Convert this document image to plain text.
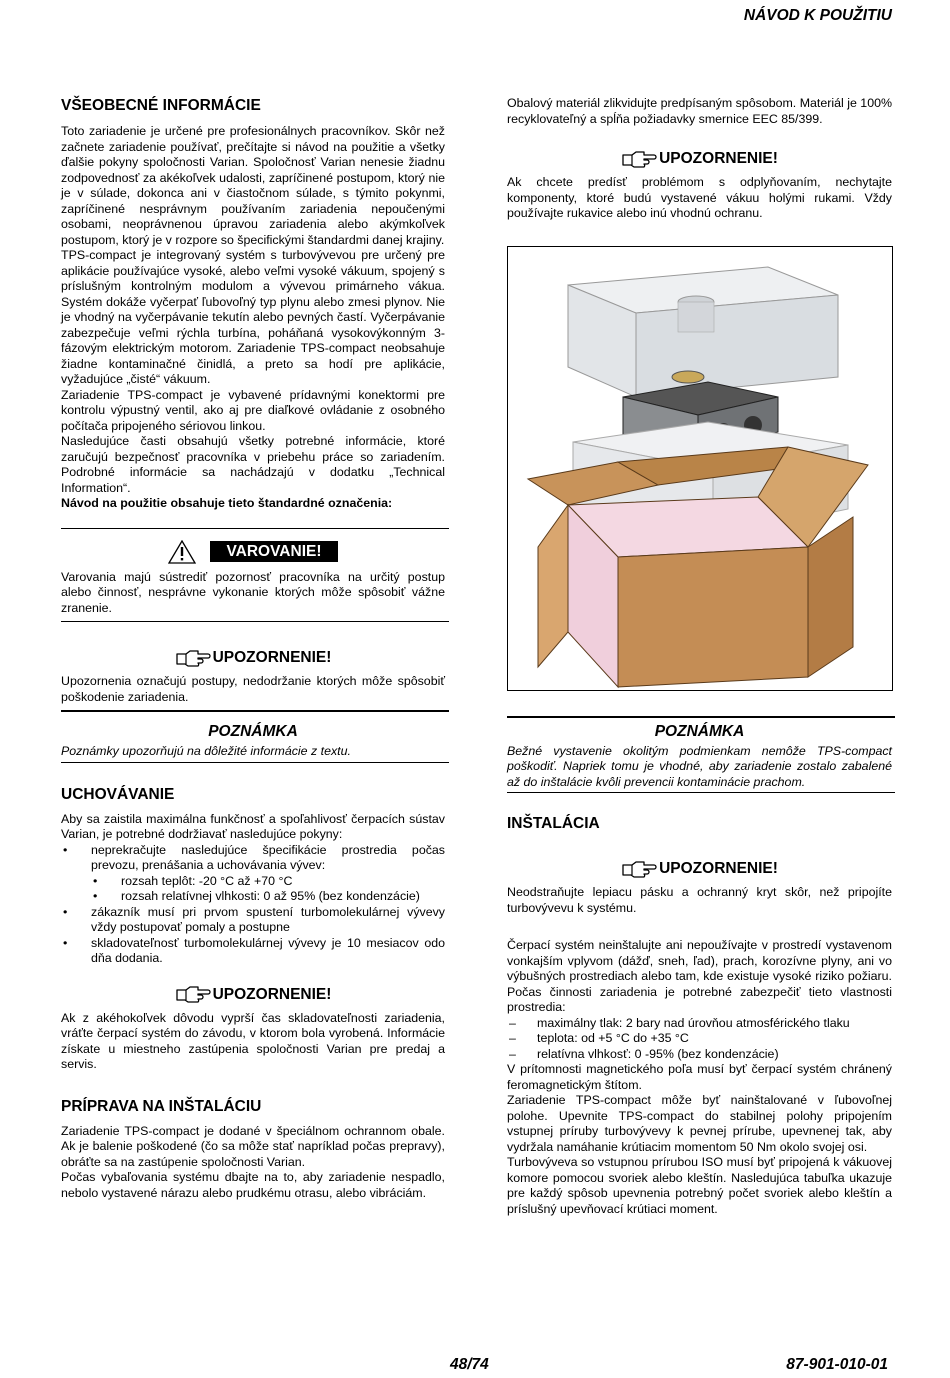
NÁVOD K POUŽITIU
VŠEOBECNÉ INFORMÁCIE

Toto zariadenie je určené pre profesionálnych pracovníkov. Skôr než začnete zariadenie používať, prečítajte si návod na použitie a všetky ďalšie pokyny spoločnosti Varian. Spoločnosť Varian nenesie žiadnu zodpovednosť za akékoľvek udalosti, zapríčinené postupom, ktorý nie je v súlade, dokonca ani v čiastočnom súlade, s týmito pokynmi, zapríčinené nesprávnym používaním zariadenia nepoučenými osobami, neoprávnenou úpravou zariadenia alebo akýmkoľvek postupom, ktorý je v rozpore so špecifickými štandardmi danej krajiny.

TPS-compact je integrovaný systém s turbovývevou pre určený pre aplikácie používajúce vysoké, alebo veľmi vysoké vákuum, spojený s príslušným kontrolným modulom a vývevou primárneho vákua. Systém dokáže vyčerpať ľubovoľný typ plynu alebo zmesi plynov. Nie je vhodný na vyčerpávanie tekutín alebo pevných častí. Vyčerpávanie zabezpečuje veľmi rýchla turbína, poháňaná vysokovýkonným 3-fázovým elektrickým motorom. Zariadenie TPS-compact neobsahuje žiadne kontaminačné činidlá, a preto sa hodí pre aplikácie, vyžadujúce „čisté“ vákuum.

Zariadenie TPS-compact je vybavené prídavnými konektormi pre kontrolu výpustný ventil, ako aj pre diaľkové ovládanie z osobného počítača pripojeného sériovou linkou.

Nasledujúce časti obsahujú všetky potrebné informácie, ktoré zaručujú bezpečnosť pracovníka v priebehu práce so zariadením. Podrobné informácie sa nachádzajú v dodatku „Technical Information“.

Návod na použitie obsahuje tieto štandardné označenia:

VAROVANIE!

Varovania majú sústrediť pozornosť pracovníka na určitý postup alebo činnosť, nesprávne vykonanie ktorých môže spôsobiť vážne zranenie.

UPOZORNENIE!

Upozornenia označujú postupy, nedodržanie ktorých môže spôsobiť poškodenie zariadenia.

POZNÁMKA

Poznámky upozorňujú na dôležité informácie z textu.

UCHOVÁVANIE

Aby sa zaistila maximálna funkčnosť a spoľahlivosť čerpacích sústav Varian, je potrebné dodržiavať nasledujúce pokyny:

• neprekračujte nasledujúce špecifikácie prostredia počas prevozu, prenášania a uchovávania vývev:
• rozsah teplôt: -20 °C až +70 °C
• rozsah relatívnej vlhkosti: 0 až 95% (bez kondenzácie)
• zákazník musí pri prvom spustení turbomolekulárnej vývevy vždy postupovať pomaly a postupne
• skladovateľnosť turbomolekulárnej vývevy je 10 mesiacov odo dňa dodania.
UPOZORNENIE!

Ak z akéhokoľvek dôvodu vyprší čas skladovateľnosti zariadenia, vráťte čerpací systém do závodu, v ktorom bola vyrobená. Informácie získate u miestneho zastúpenia spoločnosti Varian pre predaj a servis.

PRÍPRAVA NA INŠTALÁCIU

Zariadenie TPS-compact je dodané v špeciálnom ochrannom obale. Ak je balenie poškodené (čo sa môže stať napríklad počas prepravy), obráťte sa na zastúpenie spoločnosti Varian.

Počas vybaľovania systému dbajte na to, aby zariadenie nespadlo, nebolo vystavené nárazu alebo prudkému otrasu, alebo vibráciám.

Obalový materiál zlikvidujte predpísaným spôsobom. Materiál je 100% recyklovateľný a spĺňa požiadavky smernice EEC 85/399.

UPOZORNENIE!

Ak chcete predísť problémom s odplyňovaním, nechytajte komponenty, ktoré budú vystavené vákuu holými rukami. Vždy používajte rukavice alebo inú vhodnú ochranu.

POZNÁMKA

Bežné vystavenie okolitým podmienkam nemôže TPS-compact poškodiť. Napriek tomu je vhodné, aby zariadenie zostalo zabalené až do inštalácie kvôli prevencii kontaminácie prachom.

INŠTALÁCIA
UPOZORNENIE!

Neodstraňujte lepiacu pásku a ochranný kryt skôr, než pripojíte turbovývevu k systému.

Čerpací systém neinštalujte ani nepoužívajte v prostredí vystavenom vonkajším vplyvom (dážď, sneh, ľad), prach, korozívne plyny, ani vo výbušných prostrediach alebo tam, kde existuje vysoké riziko požiaru. Počas činnosti zariadenia je potrebné zabezpečiť tieto vlastnosti prostredia:

– maximálny tlak: 2 bary nad úrovňou atmosférického tlaku
– teplota: od +5 °C do +35 °C
– relatívna vlhkosť: 0 -95% (bez kondenzácie)

V prítomnosti magnetického poľa musí byť čerpací systém chránený feromagnetickým štítom.

Zariadenie TPS-compact môže byť nainštalované v ľubovoľnej polohe. Upevnite TPS-compact do stabilnej polohy pripojením vstupnej príruby turbovývevy k pevnej prírube, upevnenej tak, aby vydržala namáhanie krútiacim momentom 50 Nm okolo svojej osi.

Turbovýveva so vstupnou prírubou ISO musí byť pripojená k vákuovej komore pomocou svoriek alebo kleštín. Nasledujúca tabuľka ukazuje pre každý spôsob upevnenia potrebný počet svoriek alebo kleštín a príslušný upevňovací krútiaci moment.

48/74	87-901-010-01
